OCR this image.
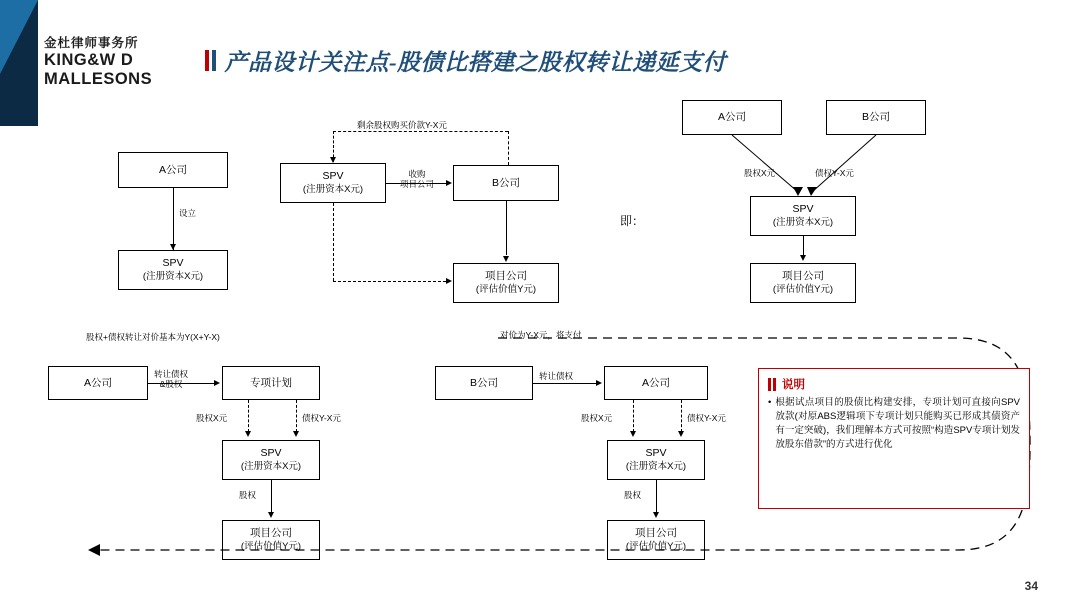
金杜律师事务所
KING&W D
MALLESONS
产品设计关注点-股债比搭建之股权转让递延支付
A公司
设立
SPV
(注册资本X元)
SPV
(注册资本X元)
B公司
项目公司
(评估价值Y元)
收购
项目公司
剩余股权购买价款Y-X元
即：
A公司	B公司
SPV
(注册资本X元)
项目公司
(评估价值Y元)
股权X元	债权Y-X元
股权+债权转让对价基本为Y(X+Y-X)
A公司	专项计划
转让债权
&股权
SPV
(注册资本X元)
项目公司
(评估价值Y元)
股权X元	债权Y-X元
股权
对价为Y-X元，将支付
B公司	A公司
转让债权
SPV
(注册资本X元)
项目公司
(评估价值Y元)
股权X元	债权Y-X元
股权
说明
• 根据试点项目的股债比构建安排，专项计划可直接向SPV放款(对原ABS逻辑项下专项计划只能购买已形成其债资产有一定突破)，我们理解本方式可按照“构造SPV专项计划发放股东借款”的方式进行优化
34
